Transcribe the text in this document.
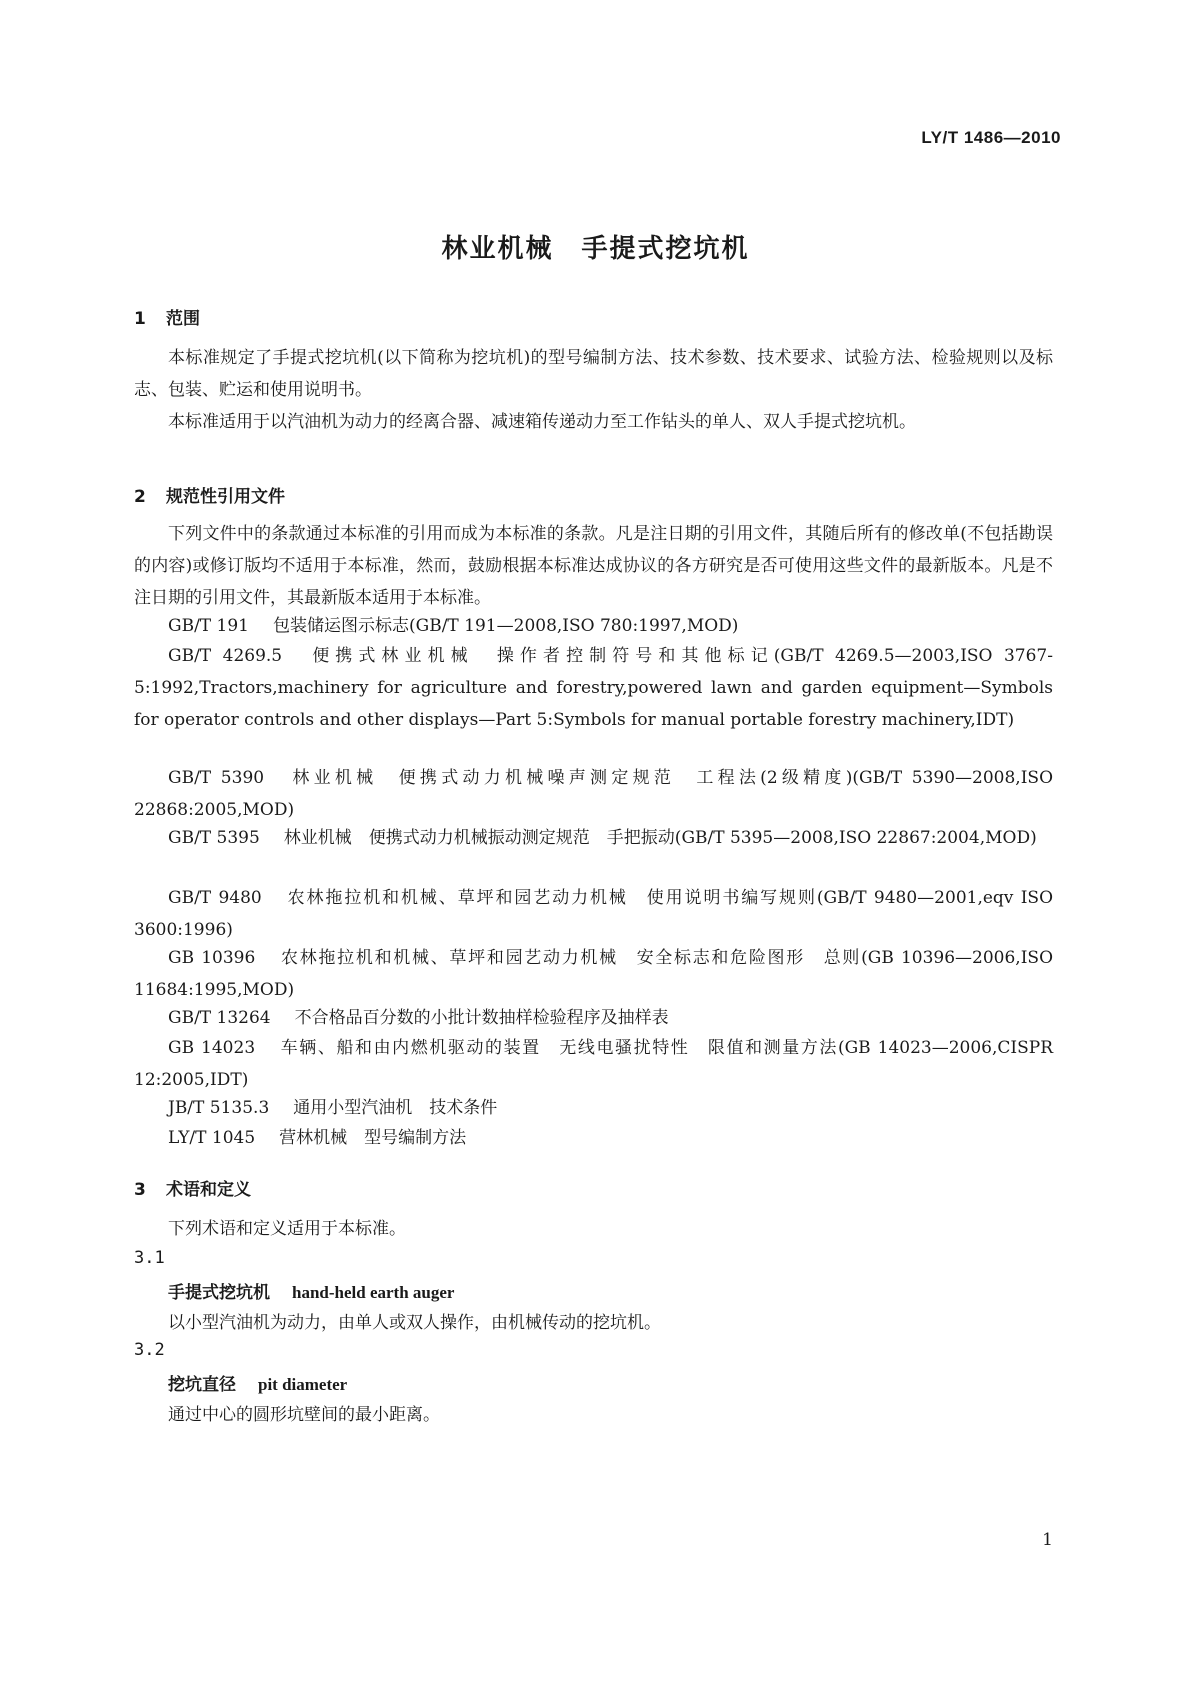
LY/T 1486—2010
林业机械　手提式挖坑机
1 范围
本标准规定了手提式挖坑机(以下简称为挖坑机)的型号编制方法、技术参数、技术要求、试验方法、检验规则以及标志、包装、贮运和使用说明书。
本标准适用于以汽油机为动力的经离合器、减速箱传递动力至工作钻头的单人、双人手提式挖坑机。
2 规范性引用文件
下列文件中的条款通过本标准的引用而成为本标准的条款。凡是注日期的引用文件，其随后所有的修改单(不包括勘误的内容)或修订版均不适用于本标准，然而，鼓励根据本标准达成协议的各方研究是否可使用这些文件的最新版本。凡是不注日期的引用文件，其最新版本适用于本标准。
GB/T 191 包装储运图示标志(GB/T 191—2008,ISO 780:1997,MOD)
GB/T 4269.5 便携式林业机械　操作者控制符号和其他标记(GB/T 4269.5—2003,ISO 3767-5:1992,Tractors,machinery for agriculture and forestry,powered lawn and garden equipment—Symbols for operator controls and other displays—Part 5:Symbols for manual portable forestry machinery,IDT)
GB/T 5390 林业机械　便携式动力机械噪声测定规范　工程法(2级精度)(GB/T 5390—2008,ISO 22868:2005,MOD)
GB/T 5395 林业机械　便携式动力机械振动测定规范　手把振动(GB/T 5395—2008,ISO 22867:2004,MOD)
GB/T 9480 农林拖拉机和机械、草坪和园艺动力机械　使用说明书编写规则(GB/T 9480—2001,eqv ISO 3600:1996)
GB 10396 农林拖拉机和机械、草坪和园艺动力机械　安全标志和危险图形　总则(GB 10396—2006,ISO 11684:1995,MOD)
GB/T 13264 不合格品百分数的小批计数抽样检验程序及抽样表
GB 14023 车辆、船和由内燃机驱动的装置　无线电骚扰特性　限值和测量方法(GB 14023—2006,CISPR 12:2005,IDT)
JB/T 5135.3 通用小型汽油机　技术条件
LY/T 1045 营林机械　型号编制方法
3 术语和定义
下列术语和定义适用于本标准。
3.1
手提式挖坑机 hand-held earth auger
以小型汽油机为动力，由单人或双人操作，由机械传动的挖坑机。
3.2
挖坑直径 pit diameter
通过中心的圆形坑壁间的最小距离。
1
